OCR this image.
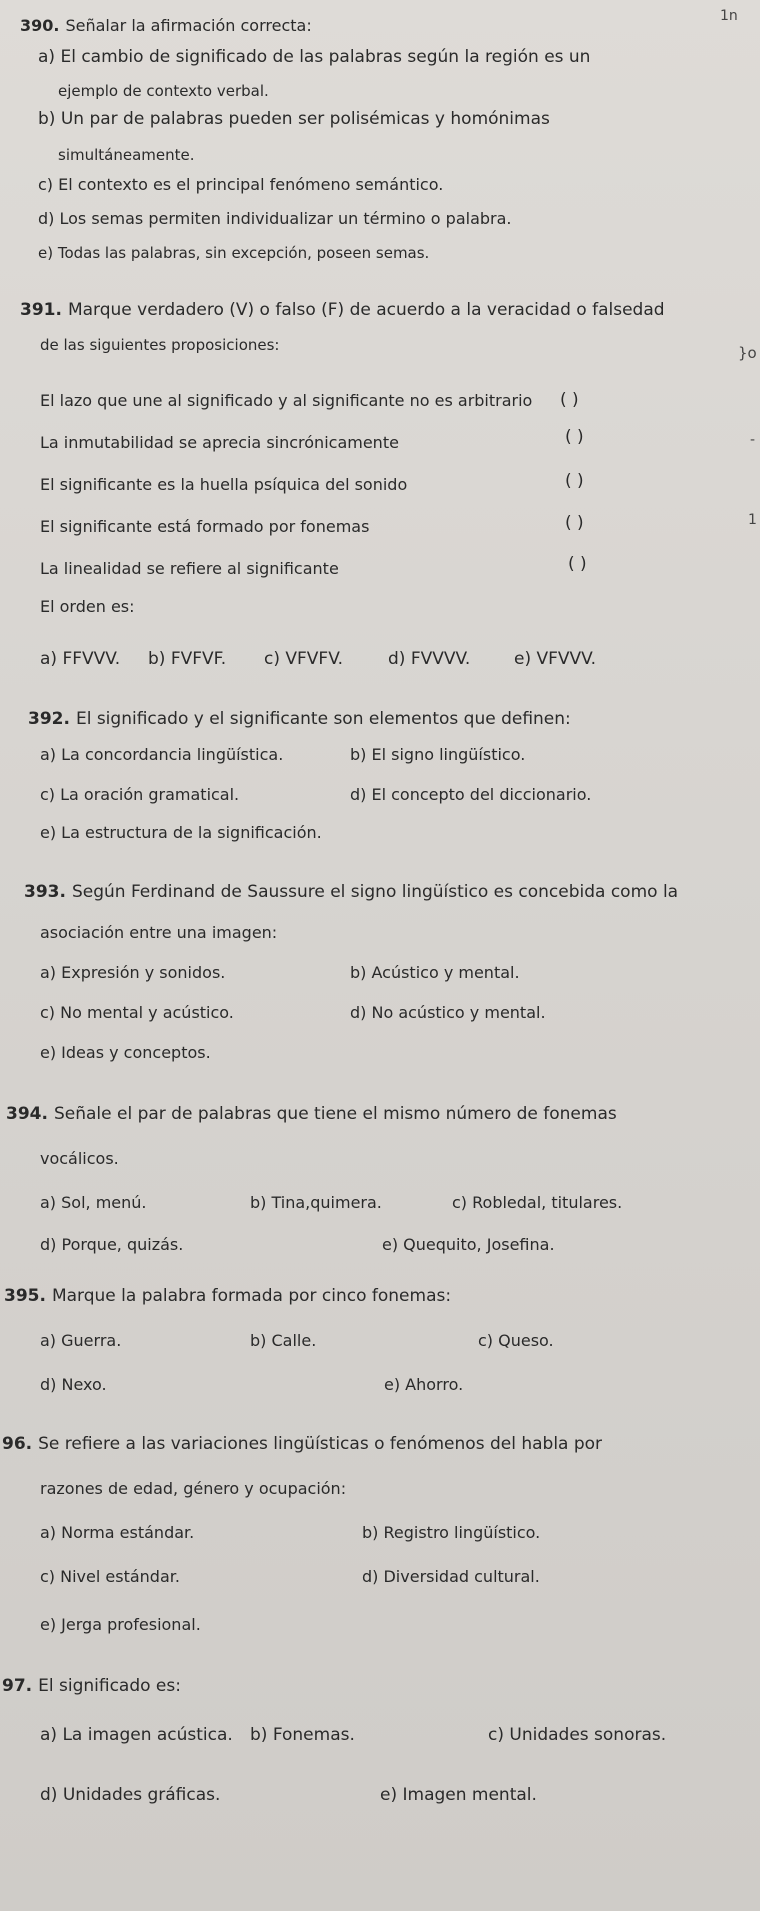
1n
390. Señalar la afirmación correcta:
a) El cambio de significado de las palabras según la región es un
ejemplo de contexto verbal.
b) Un par de palabras pueden ser polisémicas y homónimas
simultáneamente.
c) El contexto es el principal fenómeno semántico.
d) Los semas permiten individualizar un término o palabra.
e) Todas las palabras, sin excepción, poseen semas.
391. Marque verdadero (V) o falso (F) de acuerdo a la veracidad o falsedad
de las siguientes proposiciones:	}o
El lazo que une al significado y al significante no es arbitrario ( )
La inmutabilidad se aprecia sincrónicamente	( )	-
El significante es la huella psíquica del sonido	( )
El significante está formado por fonemas	( )	1
La linealidad se refiere al significante	( )
El orden es:
a) FFVVV. b) FVFVF. c) VFVFV.	d) FVVVV.	e) VFVVV.
392. El significado y el significante son elementos que definen:
a) La concordancia lingüística.	b) El signo lingüístico.
c) La oración gramatical.	d) El concepto del diccionario.
e) La estructura de la significación.
393. Según Ferdinand de Saussure el signo lingüístico es concebida como la
asociación entre una imagen:
a) Expresión y sonidos.	b) Acústico y mental.
c) No mental y acústico.	d) No acústico y mental.
e) Ideas y conceptos.
394. Señale el par de palabras que tiene el mismo número de fonemas
vocálicos.
a) Sol, menú.	b) Tina,quimera.	c) Robledal, titulares.
d) Porque, quizás.	e) Quequito, Josefina.
395. Marque la palabra formada por cinco fonemas:
a) Guerra.	b) Calle.	c) Queso.
d) Nexo.	e) Ahorro.
96. Se refiere a las variaciones lingüísticas o fenómenos del habla por
razones de edad, género y ocupación:
a) Norma estándar.	b) Registro lingüístico.
c) Nivel estándar.	d) Diversidad cultural.
e) Jerga profesional.
97. El significado es:
a) La imagen acústica. b) Fonemas.	c) Unidades sonoras.
d) Unidades gráficas.	e) Imagen mental.
